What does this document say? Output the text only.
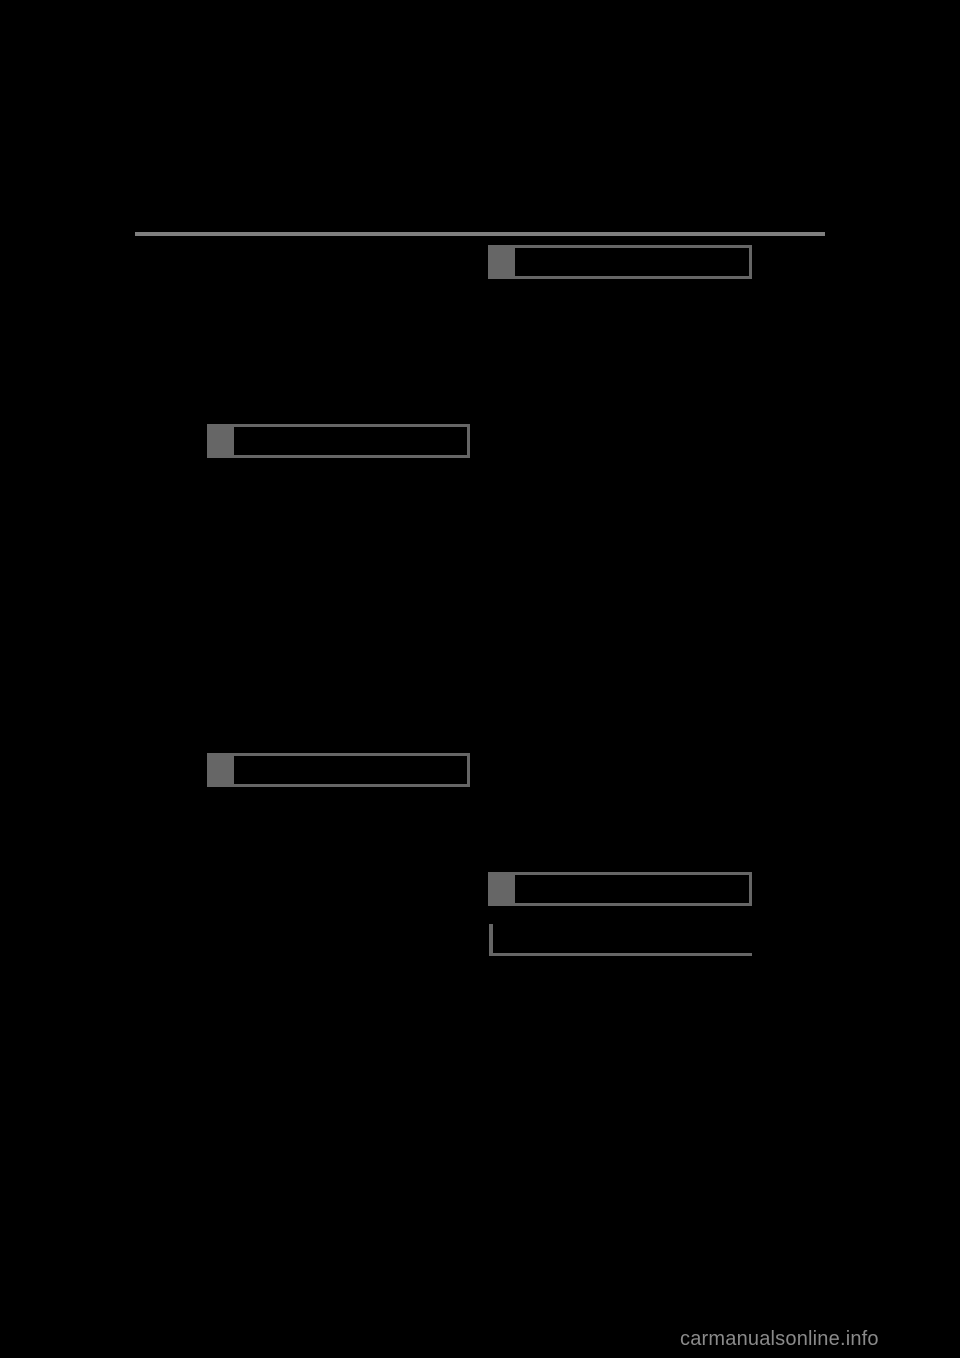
carmanualsonline.info
